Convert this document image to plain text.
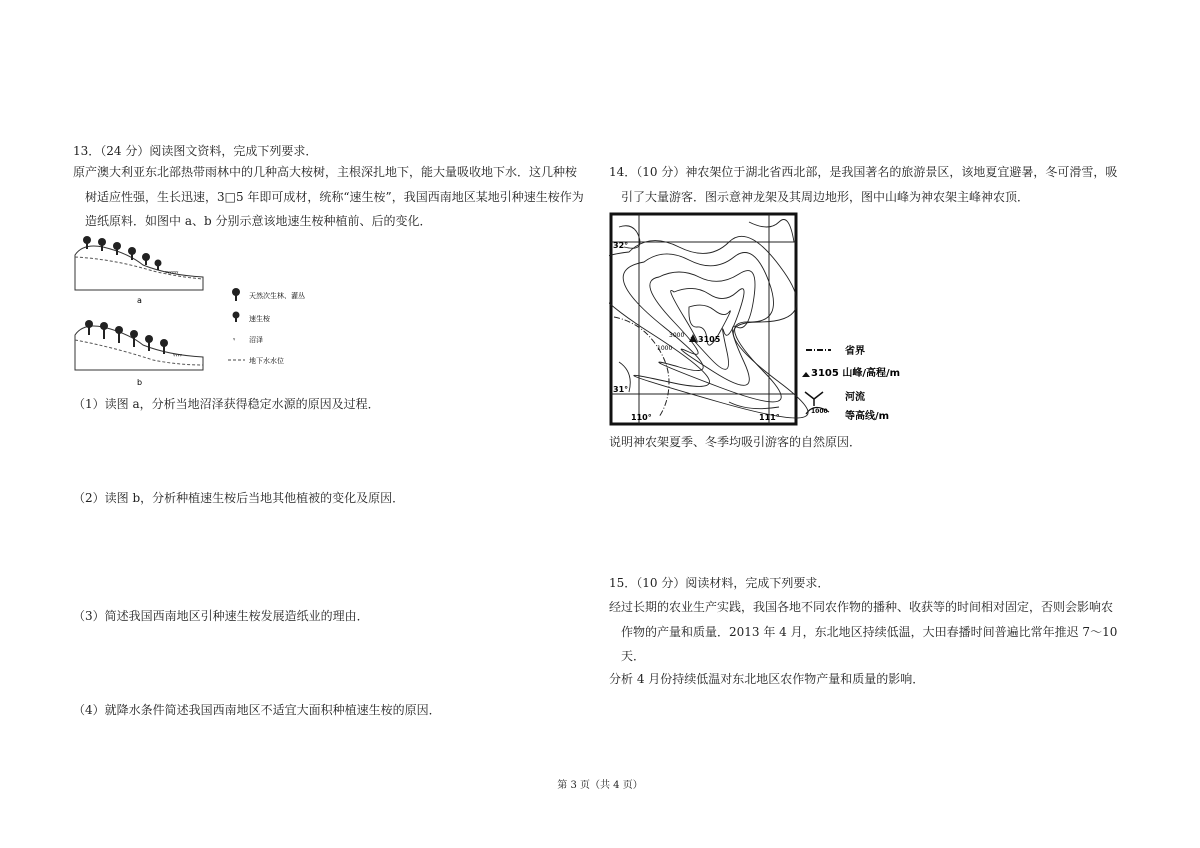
13．（24 分）阅读图文资料，完成下列要求．
原产澳大利亚东北部热带雨林中的几种高大桉树，主根深扎地下，能大量吸收地下水．这几种桉
树适应性强，生长迅速，3□5 年即可成材，统称“速生桉”，我国西南地区某地引种速生桉作为
造纸原料．如图中 a、b 分别示意该地速生桉种植前、后的变化．
ᵞᵞᵞᵞᵞᵞ
a
ᵞᵞᵞᵞ
b
天然次生林、灌丛
速生桉
ᵞ 沼泽
地下水水位
（1）读图 a，分析当地沼泽获得稳定水源的原因及过程．
（2）读图 b，分析种植速生桉后当地其他植被的变化及原因．
（3）简述我国西南地区引种速生桉发展造纸业的理由．
（4）就降水条件简述我国西南地区不适宜大面积种植速生桉的原因．
14．（10 分）神农架位于湖北省西北部，是我国著名的旅游景区，该地夏宜避暑，冬可滑雪，吸
引了大量游客．图示意神龙架及其周边地形，图中山峰为神农架主峰神农顶．
3105
3000
1000
32°
31°
110°	111°
省界
3105 山峰/高程/m
河流
1000 等高线/m
说明神农架夏季、冬季均吸引游客的自然原因．
15．（10 分）阅读材料，完成下列要求．
经过长期的农业生产实践，我国各地不同农作物的播种、收获等的时间相对固定，否则会影响农
作物的产量和质量．2013 年 4 月，东北地区持续低温，大田春播时间普遍比常年推迟 7～10
天．
分析 4 月份持续低温对东北地区农作物产量和质量的影响．
第 3 页（共 4 页）
